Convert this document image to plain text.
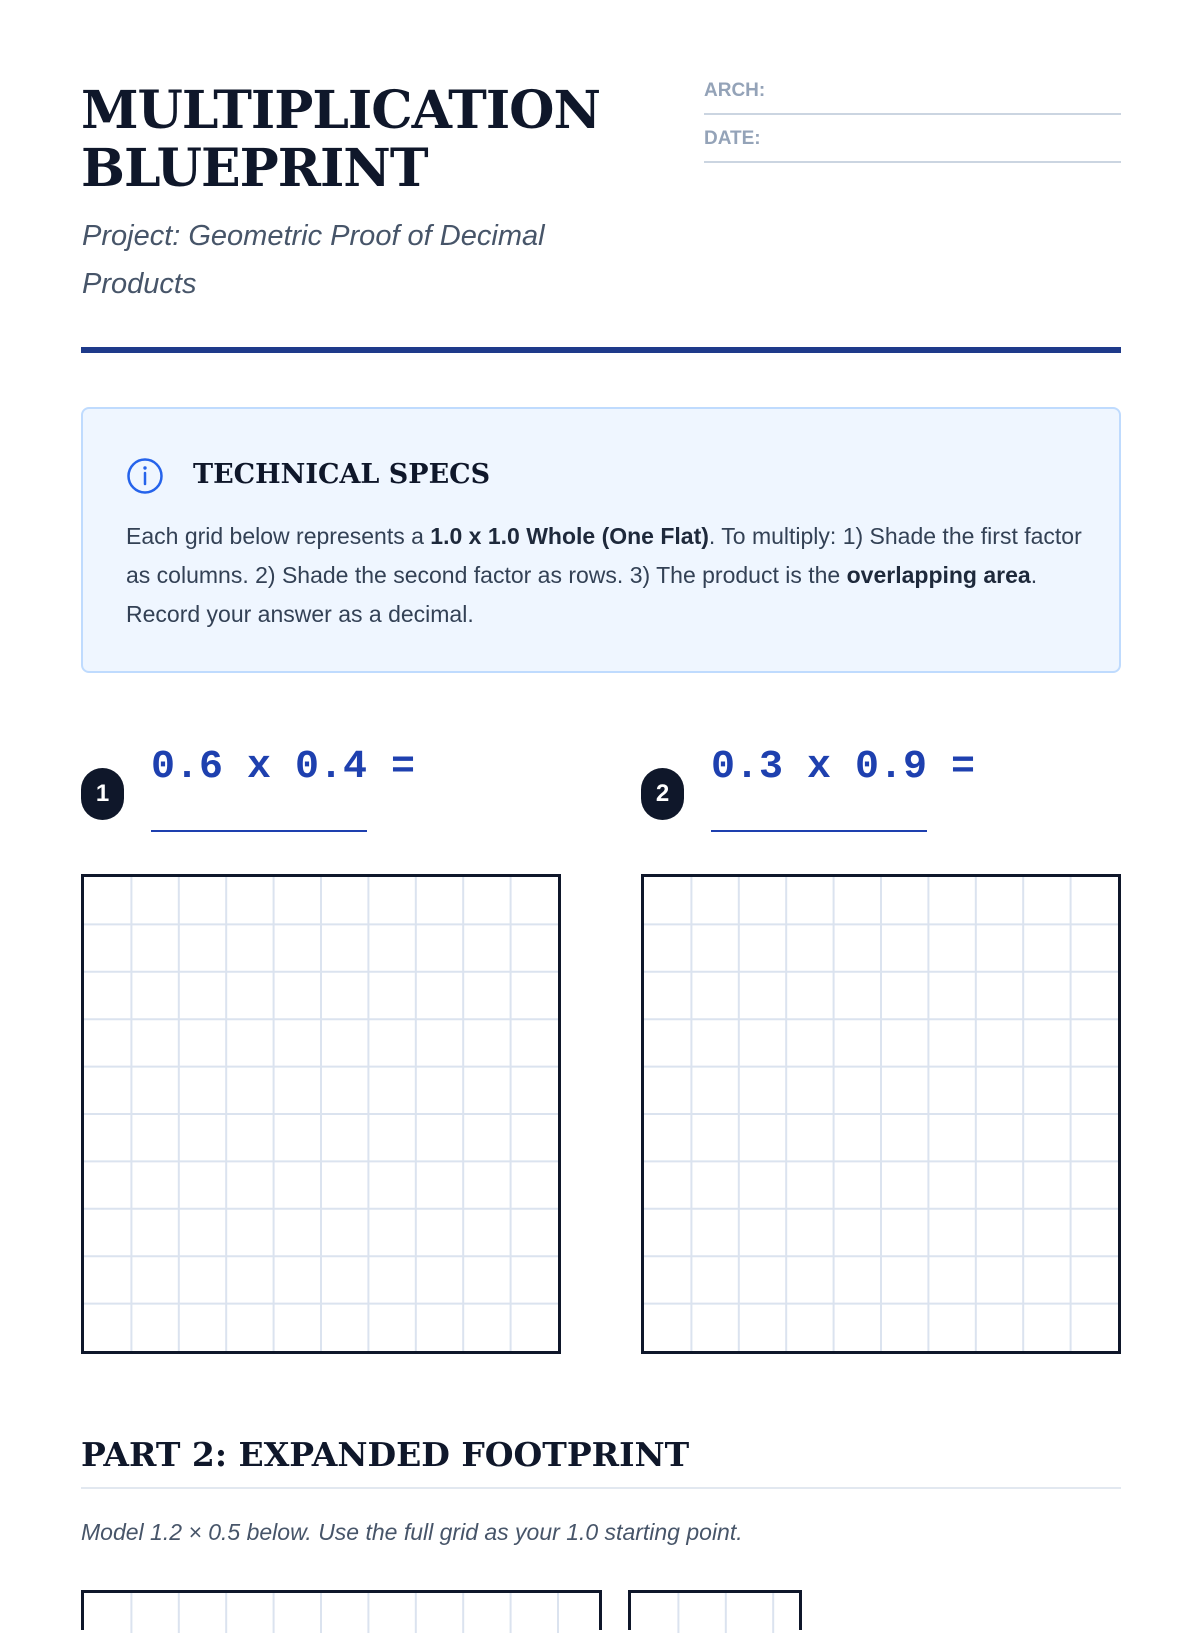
MULTIPLICATION
BLUEPRINT
Project: Geometric Proof of Decimal Products
ARCH:
DATE:
TECHNICAL SPECS
Each grid below represents a 1.0 x 1.0 Whole (One Flat). To multiply: 1) Shade the first factor as columns. 2) Shade the second factor as rows. 3) The product is the overlapping area. Record your answer as a decimal.
1
0.6 x 0.4 =
2
0.3 x 0.9 =
PART 2: EXPANDED FOOTPRINT
Model 1.2 × 0.5 below. Use the full grid as your 1.0 starting point.
